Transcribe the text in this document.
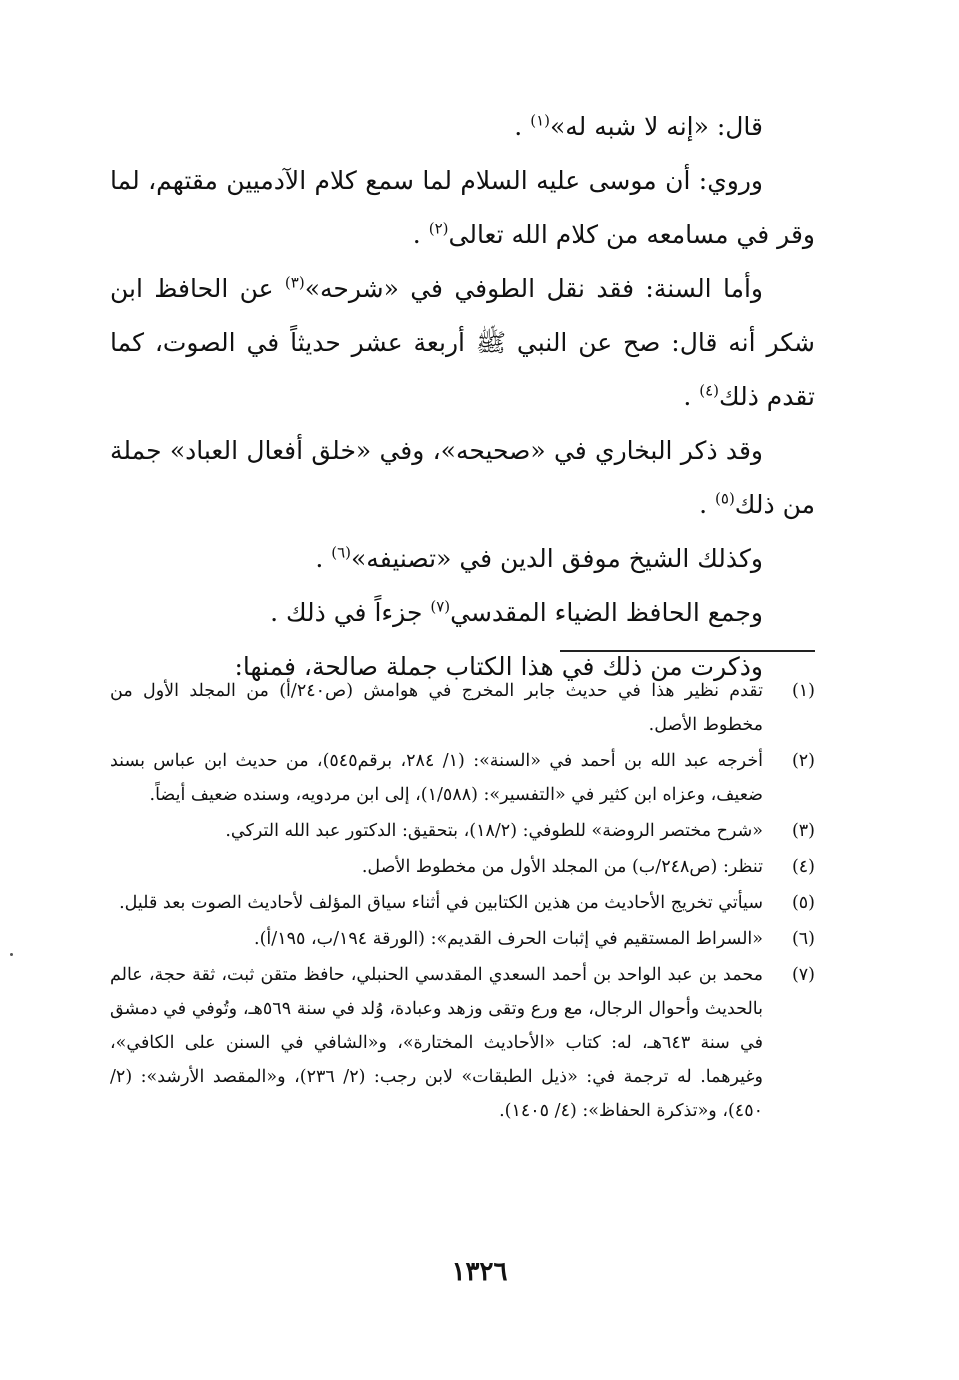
قال: «إنه لا شبه له»$^{(١)}$ .

وروي: أن موسى عليه السلام لما سمع كلام الآدميين مقتهم، لما وقر في مسامعه من كلام الله تعالى$^{(٢)}$ .

وأما السنة: فقد نقل الطوفي في «شرحه»$^{(٣)}$ عن الحافظ ابن شكر أنه قال: صح عن النبي ﷺ أربعة عشر حديثاً في الصوت، كما تقدم ذلك$^{(٤)}$ .

وقد ذكر البخاري في «صحيحه»، وفي «خلق أفعال العباد» جملة من ذلك$^{(٥)}$ .

وكذلك الشيخ موفق الدين في «تصنيفه»$^{(٦)}$ .

وجمع الحافظ الضياء المقدسي$^{(٧)}$ جزءاً في ذلك .

وذكرت من ذلك في هذا الكتاب جملة صالحة، فمنها:

(١)
تقدم نظير هذا في حديث جابر المخرج في هوامش (ص٢٤٠/أ) من المجلد الأول من مخطوط الأصل.
(٢)
أخرجه عبد الله بن أحمد في «السنة»: (١/ ٢٨٤، برقم٥٤٥)، من حديث ابن عباس بسند ضعيف، وعزاه ابن كثير في «التفسير»: (١/٥٨٨)، إلى ابن مردويه، وسنده ضعيف أيضاً.
(٣)
«شرح مختصر الروضة» للطوفي: (١٨/٢)، بتحقيق: الدكتور عبد الله التركي.
(٤)
تنظر: (ص٢٤٨/ب) من المجلد الأول من مخطوط الأصل.
(٥)
سيأتي تخريج الأحاديث من هذين الكتابين في أثناء سياق المؤلف لأحاديث الصوت بعد قليل.
(٦)
«السراط المستقيم في إثبات الحرف القديم»: (الورقة ١٩٤/ب، ١٩٥/أ).
(٧)
محمد بن عبد الواحد بن أحمد السعدي المقدسي الحنبلي، حافظ متقن ثبت، ثقة حجة، عالم بالحديث وأحوال الرجال، مع ورع وتقى وزهد وعبادة، وُلد في سنة ٥٦٩هـ، وتُوفي في دمشق في سنة ٦٤٣هـ، له: كتاب «الأحاديث المختارة»، و«الشافي في السنن على الكافي»، وغيرهما. له ترجمة في: «ذيل الطبقات» لابن رجب: (٢/ ٢٣٦)، و«المقصد الأرشد»: (٢/ ٤٥٠)، و«تذكرة الحفاظ»: (٤/ ١٤٠٥).
١٣٢٦
